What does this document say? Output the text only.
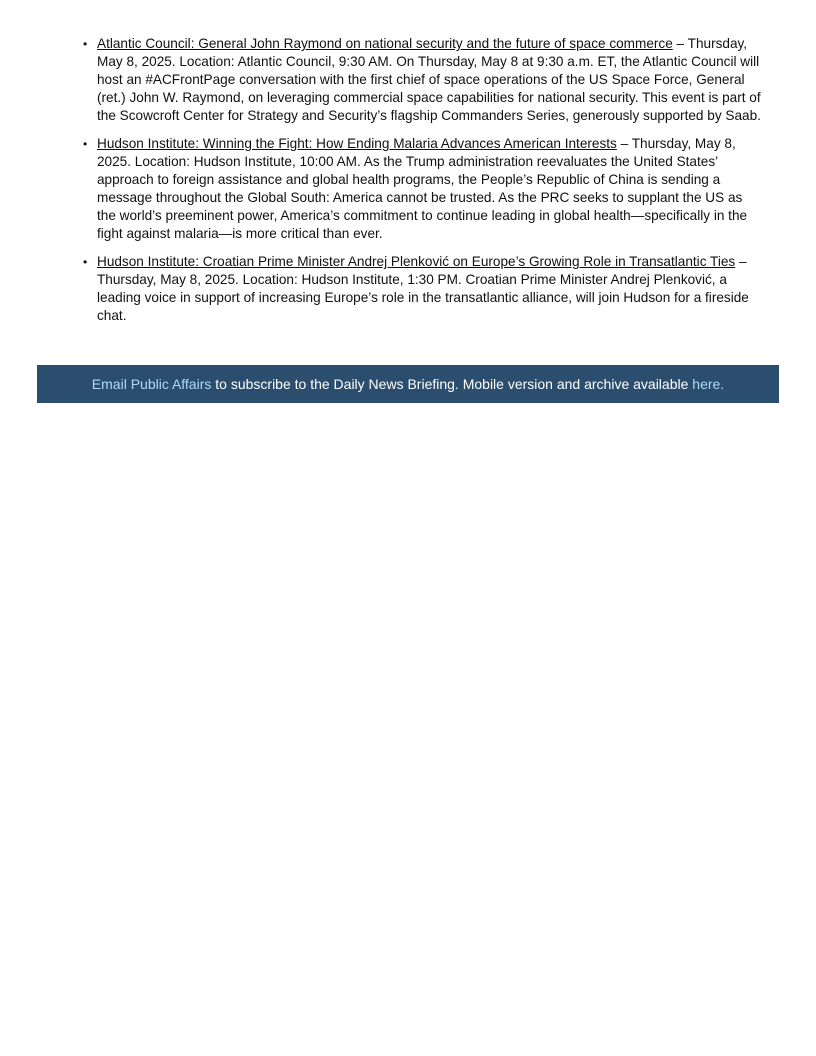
• Atlantic Council: General John Raymond on national security and the future of space commerce – Thursday, May 8, 2025. Location: Atlantic Council, 9:30 AM. On Thursday, May 8 at 9:30 a.m. ET, the Atlantic Council will host an #ACFrontPage conversation with the first chief of space operations of the US Space Force, General (ret.) John W. Raymond, on leveraging commercial space capabilities for national security. This event is part of the Scowcroft Center for Strategy and Security’s flagship Commanders Series, generously supported by Saab.
• Hudson Institute: Winning the Fight: How Ending Malaria Advances American Interests – Thursday, May 8, 2025. Location: Hudson Institute, 10:00 AM. As the Trump administration reevaluates the United States’ approach to foreign assistance and global health programs, the People’s Republic of China is sending a message throughout the Global South: America cannot be trusted. As the PRC seeks to supplant the US as the world’s preeminent power, America’s commitment to continue leading in global health—specifically in the fight against malaria—is more critical than ever.
• Hudson Institute: Croatian Prime Minister Andrej Plenković on Europe’s Growing Role in Transatlantic Ties – Thursday, May 8, 2025. Location: Hudson Institute, 1:30 PM. Croatian Prime Minister Andrej Plenković, a leading voice in support of increasing Europe’s role in the transatlantic alliance, will join Hudson for a fireside chat.
Email Public Affairs to subscribe to the Daily News Briefing. Mobile version and archive available here.
